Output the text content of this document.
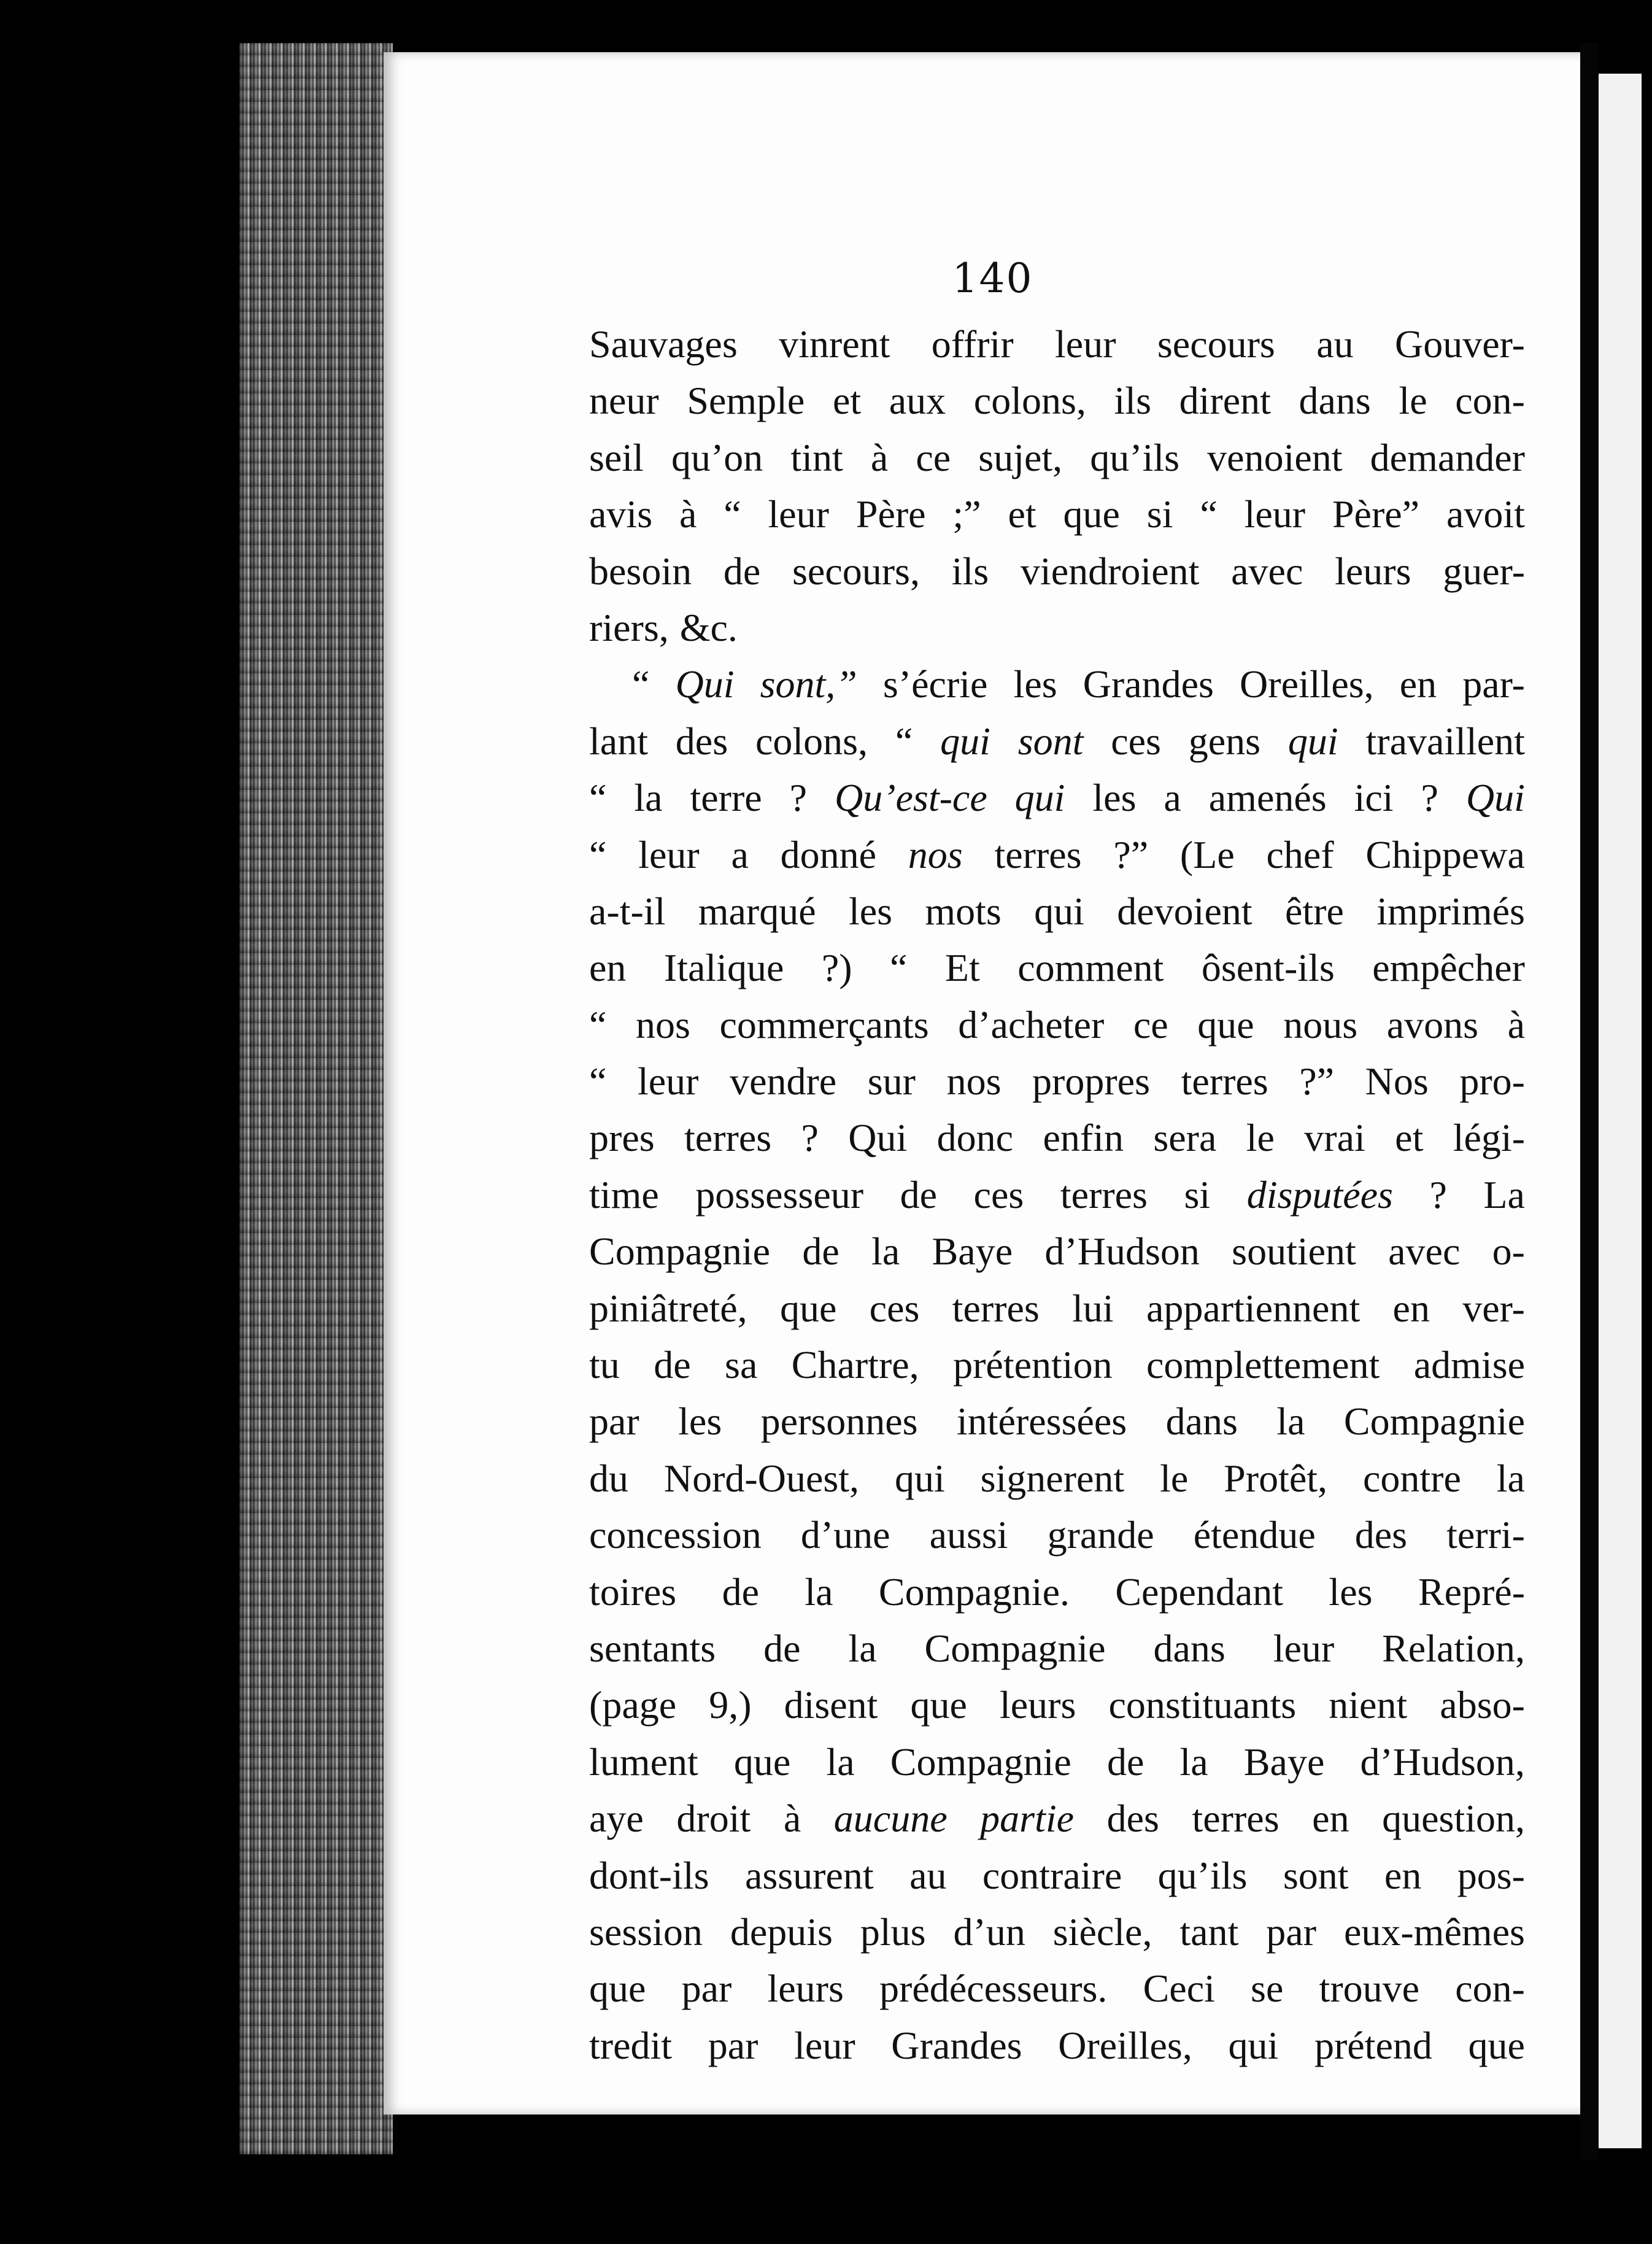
140
Sauvages vinrent offrir leur secours au Gouver-
neur Semple et aux colons, ils dirent dans le con-
seil qu’on tint à ce sujet, qu’ils venoient demander
avis à “ leur Père ;” et que si “ leur Père” avoit
besoin de secours, ils viendroient avec leurs guer-
riers, &c.
“ Qui sont,” s’écrie les Grandes Oreilles, en par-
lant des colons, “ qui sont ces gens qui travaillent
“ la terre ? Qu’est-ce qui les a amenés ici ? Qui
“ leur a donné nos terres ?” (Le chef Chippewa
a-t-il marqué les mots qui devoient être imprimés
en Italique ?) “ Et comment ôsent-ils empêcher
“ nos commerçants d’acheter ce que nous avons à
“ leur vendre sur nos propres terres ?” Nos pro-
pres terres ? Qui donc enfin sera le vrai et légi-
time possesseur de ces terres si disputées ? La
Compagnie de la Baye d’Hudson soutient avec o-
piniâtreté, que ces terres lui appartiennent en ver-
tu de sa Chartre, prétention complettement admise
par les personnes intéressées dans la Compagnie
du Nord-Ouest, qui signerent le Protêt, contre la
concession d’une aussi grande étendue des terri-
toires de la Compagnie. Cependant les Repré-
sentants de la Compagnie dans leur Relation,
(page 9,) disent que leurs constituants nient abso-
lument que la Compagnie de la Baye d’Hudson,
aye droit à aucune partie des terres en question,
dont-ils assurent au contraire qu’ils sont en pos-
session depuis plus d’un siècle, tant par eux-mêmes
que par leurs prédécesseurs. Ceci se trouve con-
tredit par leur Grandes Oreilles, qui prétend que
